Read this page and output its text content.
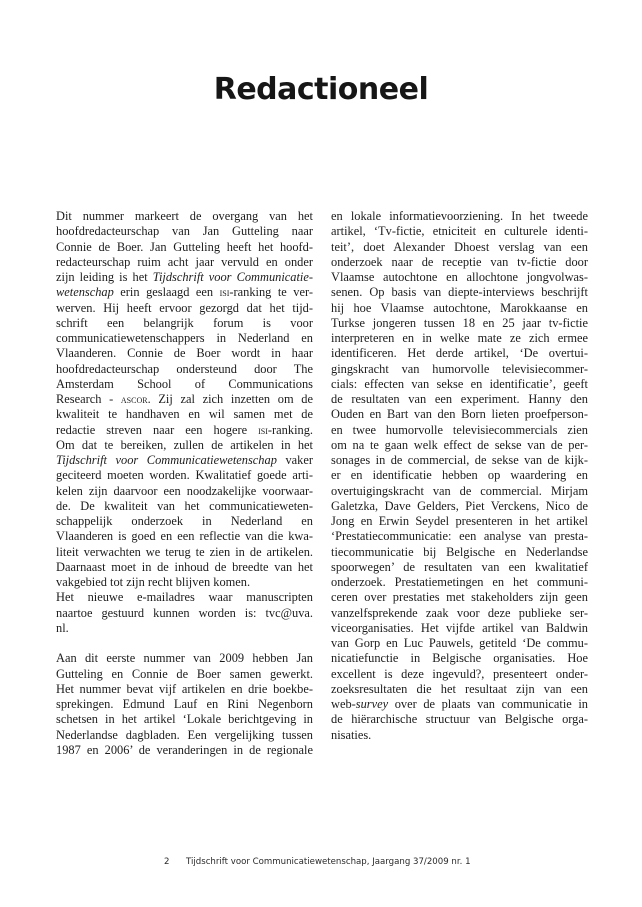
Redactioneel
Dit nummer markeert de overgang van het
hoofdredacteurschap van Jan Gutteling naar
Connie de Boer. Jan Gutteling heeft het hoofd-
redacteurschap ruim acht jaar vervuld en onder
zijn leiding is het Tijdschrift voor Communicatie-
wetenschap erin geslaagd een isi-ranking te ver-
werven. Hij heeft ervoor gezorgd dat het tijd-
schrift een belangrijk forum is voor
communicatiewetenschappers in Nederland en
Vlaanderen. Connie de Boer wordt in haar
hoofdredacteurschap ondersteund door The
Amsterdam School of Communications
Research - ascor. Zij zal zich inzetten om de
kwaliteit te handhaven en wil samen met de
redactie streven naar een hogere isi-ranking.
Om dat te bereiken, zullen de artikelen in het
Tijdschrift voor Communicatiewetenschap vaker
geciteerd moeten worden. Kwalitatief goede arti-
kelen zijn daarvoor een noodzakelijke voorwaar-
de. De kwaliteit van het communicatieweten-
schappelijk onderzoek in Nederland en
Vlaanderen is goed en een reflectie van die kwa-
liteit verwachten we terug te zien in de artikelen.
Daarnaast moet in de inhoud de breedte van het
vakgebied tot zijn recht blijven komen.
Het nieuwe e-mailadres waar manuscripten
naartoe gestuurd kunnen worden is: tvc@uva.
nl.
Aan dit eerste nummer van 2009 hebben Jan
Gutteling en Connie de Boer samen gewerkt.
Het nummer bevat vijf artikelen en drie boekbe-
sprekingen. Edmund Lauf en Rini Negenborn
schetsen in het artikel ‘Lokale berichtgeving in
Nederlandse dagbladen. Een vergelijking tussen
1987 en 2006’ de veranderingen in de regionale
en lokale informatievoorziening. In het tweede
artikel, ‘Tv-fictie, etniciteit en culturele identi-
teit’, doet Alexander Dhoest verslag van een
onderzoek naar de receptie van tv-fictie door
Vlaamse autochtone en allochtone jongvolwas-
senen. Op basis van diepte-interviews beschrijft
hij hoe Vlaamse autochtone, Marokkaanse en
Turkse jongeren tussen 18 en 25 jaar tv-fictie
interpreteren en in welke mate ze zich ermee
identificeren. Het derde artikel, ‘De overtui-
gingskracht van humorvolle televisiecommer-
cials: effecten van sekse en identificatie’, geeft
de resultaten van een experiment. Hanny den
Ouden en Bart van den Born lieten proefperson-
en twee humorvolle televisiecommercials zien
om na te gaan welk effect de sekse van de per-
sonages in de commercial, de sekse van de kijk-
er en identificatie hebben op waardering en
overtuigingskracht van de commercial. Mirjam
Galetzka, Dave Gelders, Piet Verckens, Nico de
Jong en Erwin Seydel presenteren in het artikel
‘Prestatiecommunicatie: een analyse van presta-
tiecommunicatie bij Belgische en Nederlandse
spoorwegen’ de resultaten van een kwalitatief
onderzoek. Prestatiemetingen en het communi-
ceren over prestaties met stakeholders zijn geen
vanzelfsprekende zaak voor deze publieke ser-
viceorganisaties. Het vijfde artikel van Baldwin
van Gorp en Luc Pauwels, getiteld ‘De commu-
nicatiefunctie in Belgische organisaties. Hoe
excellent is deze ingevuld?, presenteert onder-
zoeksresultaten die het resultaat zijn van een
web-survey over de plaats van communicatie in
de hiërarchische structuur van Belgische orga-
nisaties.
2 Tijdschrift voor Communicatiewetenschap, Jaargang 37/2009 nr. 1
